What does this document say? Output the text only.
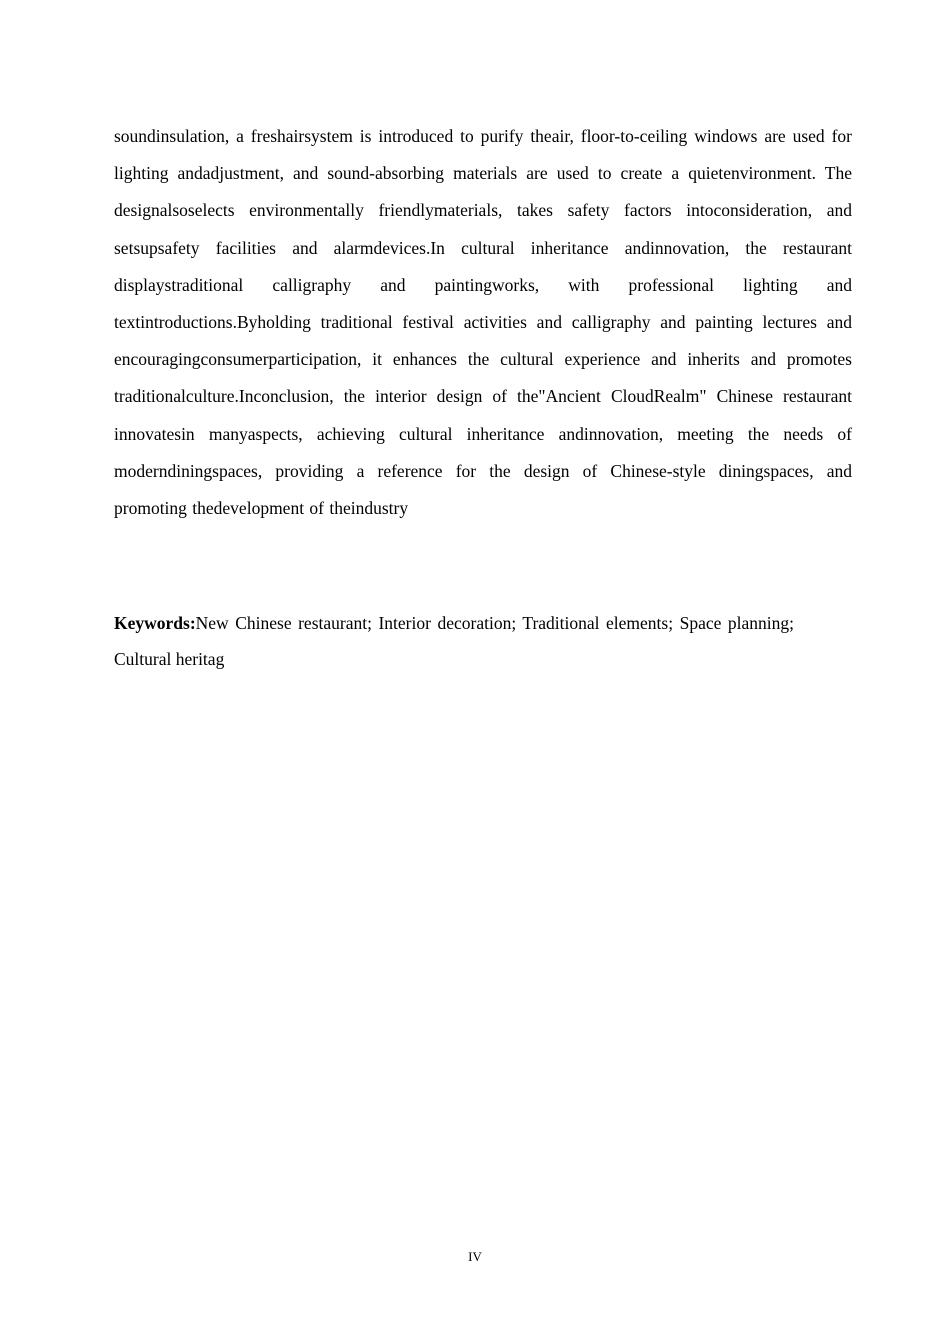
soundinsulation, a freshairsystem is introduced to purify theair, floor-to-ceiling windows are used for lighting andadjustment, and sound-absorbing materials are used to create a quietenvironment. The designalsoselects environmentally friendlymaterials, takes safety factors intoconsideration, and setsupsafety facilities and alarmdevices.In cultural inheritance andinnovation, the restaurant displaystraditional calligraphy and paintingworks, with professional lighting and textintroductions.Byholding traditional festival activities and calligraphy and painting lectures and encouragingconsumerparticipation, it enhances the cultural experience and inherits and promotes traditionalculture.Inconclusion, the interior design of the"Ancient CloudRealm" Chinese restaurant innovatesin manyaspects, achieving cultural inheritance andinnovation, meeting the needs of moderndiningspaces, providing a reference for the design of Chinese-style diningspaces, and promoting thedevelopment of theindustry

Keywords:New Chinese restaurant; Interior decoration; Traditional elements; Space planning; Cultural heritag

IV
